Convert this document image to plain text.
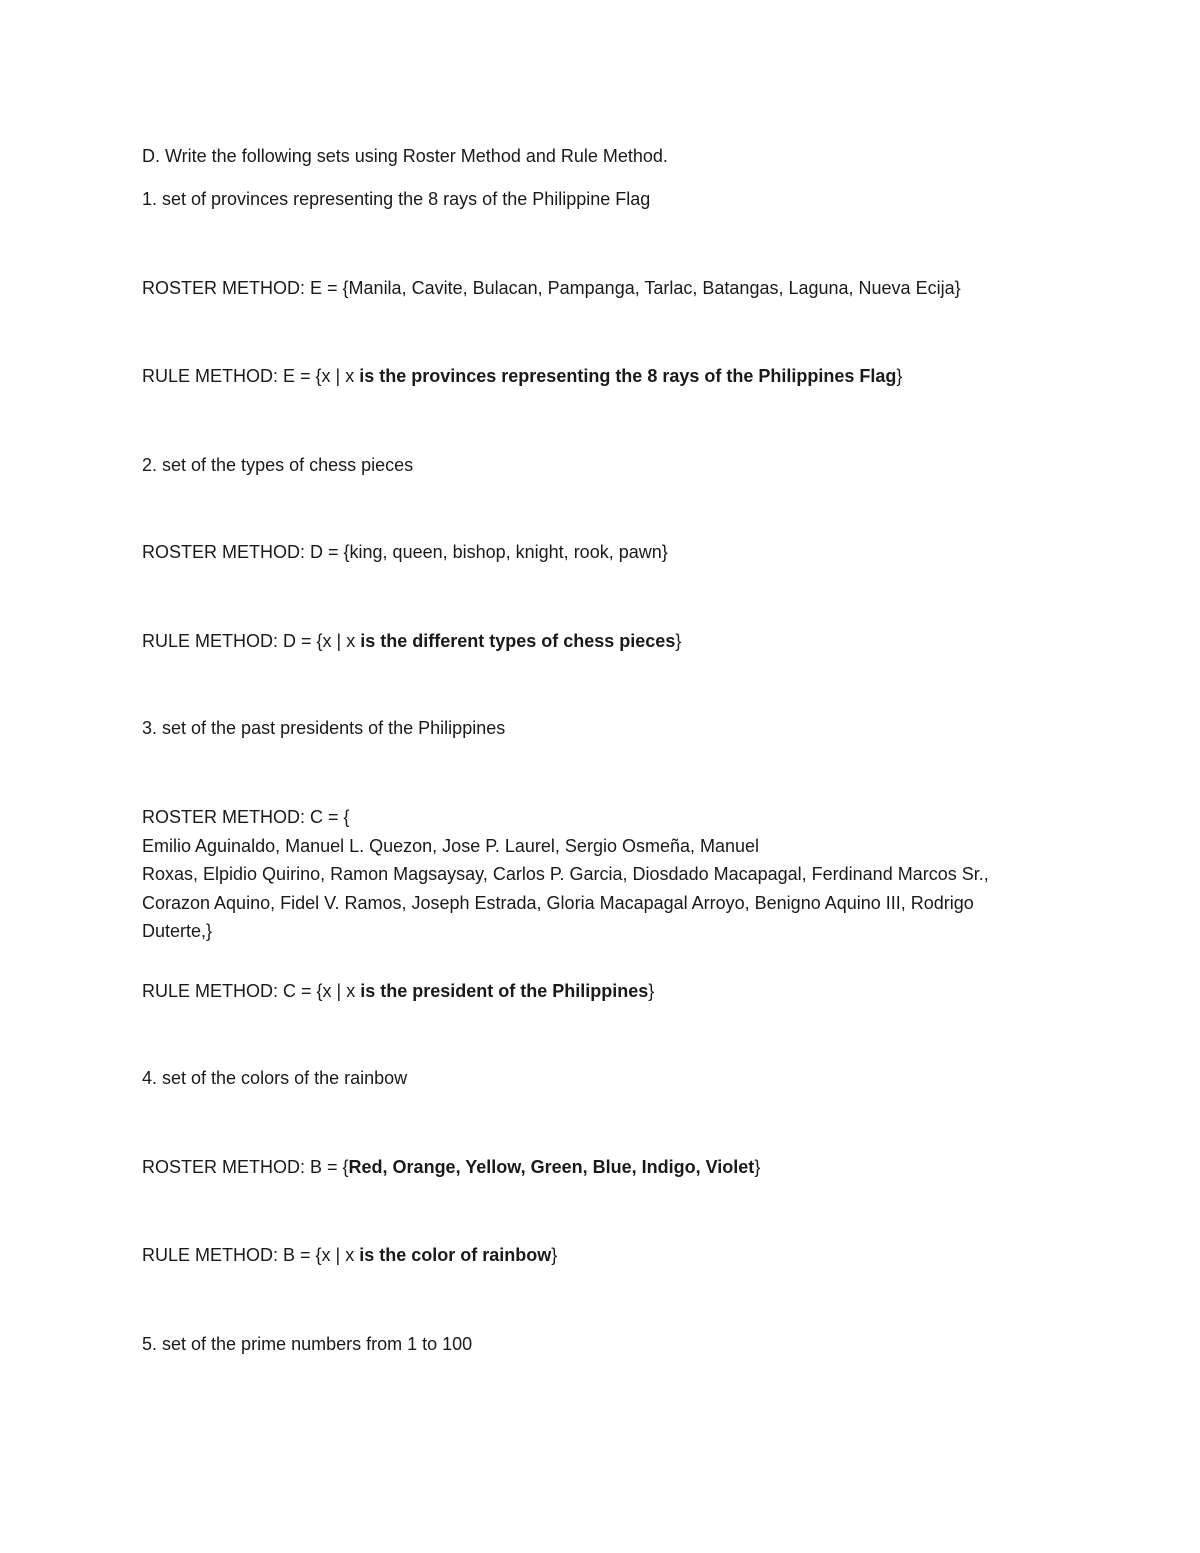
D. Write the following sets using Roster Method and Rule Method.
1. set of provinces representing the 8 rays of the Philippine Flag
ROSTER METHOD: E = {Manila, Cavite, Bulacan, Pampanga, Tarlac, Batangas, Laguna, Nueva Ecija}
RULE METHOD: E = {x | x is the provinces representing the 8 rays of the Philippines Flag}
2. set of the types of chess pieces
ROSTER METHOD: D = {king, queen, bishop, knight, rook, pawn}
RULE METHOD: D = {x | x is the different types of chess pieces}
3. set of the past presidents of the Philippines
ROSTER METHOD: C = {
Emilio Aguinaldo, Manuel L. Quezon, Jose P. Laurel, Sergio Osmeña, Manuel
Roxas, Elpidio Quirino, Ramon Magsaysay, Carlos P. Garcia, Diosdado Macapagal, Ferdinand Marcos Sr.,
Corazon Aquino, Fidel V. Ramos, Joseph Estrada, Gloria Macapagal Arroyo, Benigno Aquino III, Rodrigo
Duterte,}
RULE METHOD: C = {x | x is the president of the Philippines}
4. set of the colors of the rainbow
ROSTER METHOD: B = {Red, Orange, Yellow, Green, Blue, Indigo, Violet}
RULE METHOD: B = {x | x is the color of rainbow}
5. set of the prime numbers from 1 to 100
